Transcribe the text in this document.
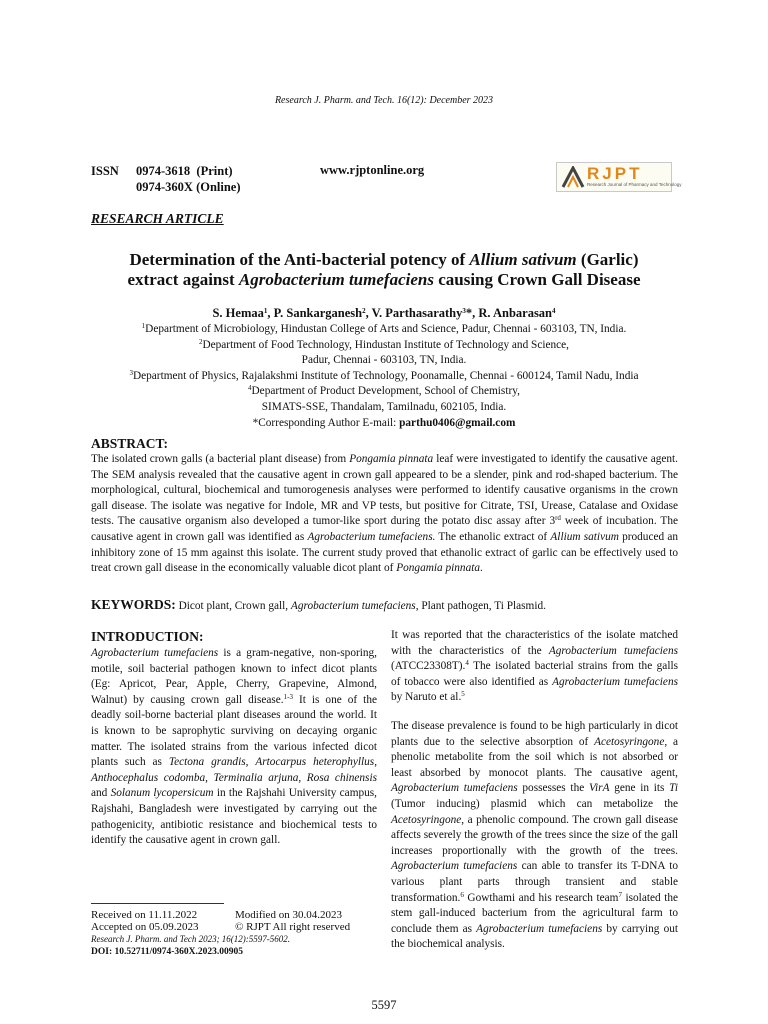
Research J. Pharm. and Tech. 16(12): December 2023
ISSN 0974-3618 (Print)
0974-360X (Online)
www.rjptonline.org	RJPT
Research Journal of Pharmacy and Technology
RESEARCH ARTICLE
Determination of the Anti-bacterial potency of Allium sativum (Garlic)
extract against Agrobacterium tumefaciens causing Crown Gall Disease
S. Hemaa$^1$, P. Sankarganesh$^2$, V. Parthasarathy$^3$*, R. Anbarasan$^4$
$^1$Department of Microbiology, Hindustan College of Arts and Science, Padur, Chennai - 603103, TN, India.
$^2$Department of Food Technology, Hindustan Institute of Technology and Science,
Padur, Chennai - 603103, TN, India.
$^3$Department of Physics, Rajalakshmi Institute of Technology, Poonamalle, Chennai - 600124, Tamil Nadu, India
$^4$Department of Product Development, School of Chemistry,
SIMATS-SSE, Thandalam, Tamilnadu, 602105, India.
*Corresponding Author E-mail: parthu0406@gmail.com
ABSTRACT:
The isolated crown galls (a bacterial plant disease) from Pongamia pinnata leaf were investigated to identify the causative agent. The SEM analysis revealed that the causative agent in crown gall appeared to be a slender, pink and rod-shaped bacterium. The morphological, cultural, biochemical and tumorogenesis analyses were performed to identify causative organisms in the crown gall disease. The isolate was negative for Indole, MR and VP tests, but positive for Citrate, TSI, Urease, Catalase and Oxidase tests. The causative organism also developed a tumor-like sport during the potato disc assay after 3rd week of incubation. The causative agent in crown gall was identified as Agrobacterium tumefaciens. The ethanolic extract of Allium sativum produced an inhibitory zone of 15 mm against this isolate. The current study proved that ethanolic extract of garlic can be effectively used to treat crown gall disease in the economically valuable dicot plant of Pongamia pinnata.
KEYWORDS: Dicot plant, Crown gall, Agrobacterium tumefaciens, Plant pathogen, Ti Plasmid.
INTRODUCTION:
Agrobacterium tumefaciens is a gram-negative, non-sporing, motile, soil bacterial pathogen known to infect dicot plants (Eg: Apricot, Pear, Apple, Cherry, Grapevine, Almond, Walnut) by causing crown gall disease.$^{1-3}$ It is one of the deadly soil-borne bacterial plant diseases around the world. It is known to be saprophytic surviving on decaying organic matter. The isolated strains from the various infected dicot plants such as Tectona grandis, Artocarpus heterophyllus, Anthocephalus codomba, Terminalia arjuna, Rosa chinensis and Solanum lycopersicum in the Rajshahi University campus, Rajshahi, Bangladesh were investigated by carrying out the pathogenicity, antibiotic resistance and biochemical tests to identify the causative agent in crown gall.
It was reported that the characteristics of the isolate matched with the characteristics of the Agrobacterium tumefaciens (ATCC23308T).$^4$ The isolated bacterial strains from the galls of tobacco were also identified as Agrobacterium tumefaciens by Naruto et al.$^5$
The disease prevalence is found to be high particularly in dicot plants due to the selective absorption of Acetosyringone, a phenolic metabolite from the soil which is not absorbed or least absorbed by monocot plants. The causative agent, Agrobacterium tumefaciens possesses the VirA gene in its Ti (Tumor inducing) plasmid which can metabolize the Acetosyringone, a phenolic compound. The crown gall disease affects severely the growth of the trees since the size of the gall increases proportionally with the growth of the trees. Agrobacterium tumefaciens can able to transfer its T-DNA to various plant parts through transient and stable transformation.$^6$ Gowthami and his research team$^7$ isolated the stem gall-induced bacterium from the agricultural farm to conclude them as Agrobacterium tumefaciens by carrying out the biochemical analysis.
Received on 11.11.2022	Modified on 30.04.2023
Accepted on 05.09.2023	© RJPT All right reserved
Research J. Pharm. and Tech 2023; 16(12):5597-5602.
DOI: 10.52711/0974-360X.2023.00905
5597
